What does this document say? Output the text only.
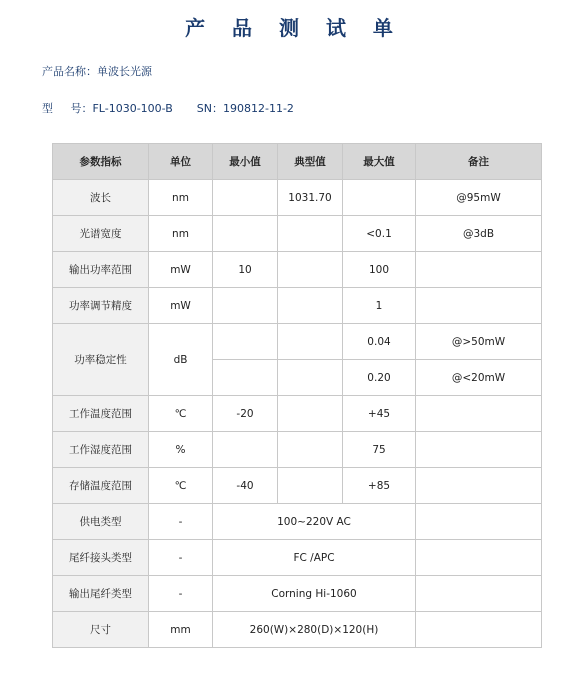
产 品 测 试 单
产品名称：单波长光源
型     号：FL-1030-100-B SN：190812-11-2
参数指标	单位	最小值	典型值	最大值	备注
波长	nm		1031.70		@95mW
光谱宽度	nm			<0.1	@3dB
输出功率范围	mW	10		100	
功率调节精度	mW			1	
功率稳定性	dB			0.04	@>50mW
				0.20	@<20mW
工作温度范围	℃	-20		+45	
工作湿度范围	%			75	
存储温度范围	℃	-40		+85	
供电类型	-	100~220V AC			
尾纤接头类型	-	FC /APC			
输出尾纤类型	-	Corning Hi-1060			
尺寸	mm	260(W)×280(D)×120(H)			
